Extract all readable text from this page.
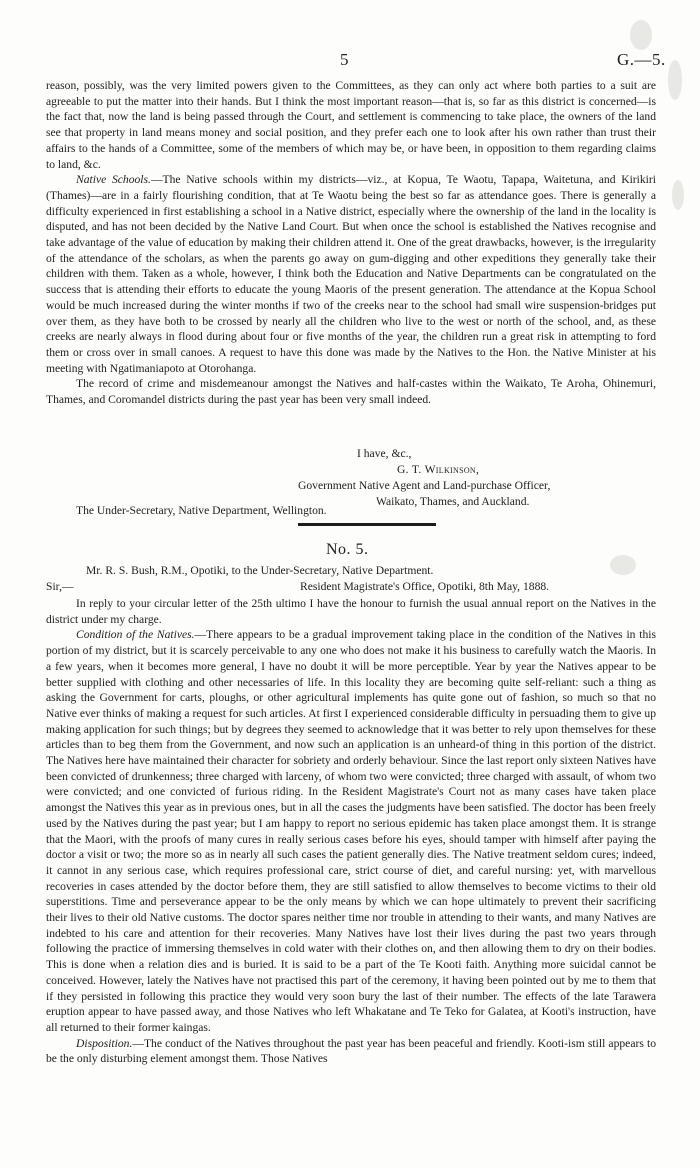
5	G.—5.

reason, possibly, was the very limited powers given to the Committees, as they can only act where both parties to a suit are agreeable to put the matter into their hands. But I think the most important reason—that is, so far as this district is concerned—is the fact that, now the land is being passed through the Court, and settlement is commencing to take place, the owners of the land see that property in land means money and social position, and they prefer each one to look after his own rather than trust their affairs to the hands of a Committee, some of the members of which may be, or have been, in opposition to them regarding claims to land, &c.

Native Schools.—The Native schools within my districts—viz., at Kopua, Te Waotu, Tapapa, Waitetuna, and Kirikiri (Thames)—are in a fairly flourishing condition, that at Te Waotu being the best so far as attendance goes. There is generally a difficulty experienced in first establishing a school in a Native district, especially where the ownership of the land in the locality is disputed, and has not been decided by the Native Land Court. But when once the school is established the Natives recognise and take advantage of the value of education by making their children attend it. One of the great drawbacks, however, is the irregularity of the attendance of the scholars, as when the parents go away on gum-digging and other expeditions they generally take their children with them. Taken as a whole, however, I think both the Education and Native Departments can be congratulated on the success that is attending their efforts to educate the young Maoris of the present generation. The attendance at the Kopua School would be much increased during the winter months if two of the creeks near to the school had small wire suspension-bridges put over them, as they have both to be crossed by nearly all the children who live to the west or north of the school, and, as these creeks are nearly always in flood during about four or five months of the year, the children run a great risk in attempting to ford them or cross over in small canoes. A request to have this done was made by the Natives to the Hon. the Native Minister at his meeting with Ngatimaniapoto at Otorohanga.

The record of crime and misdemeanour amongst the Natives and half-castes within the Waikato, Te Aroha, Ohinemuri, Thames, and Coromandel districts during the past year has been very small indeed.

I have, &c.,
G. T. Wilkinson,
Government Native Agent and Land-purchase Officer,
Waikato, Thames, and Auckland.
The Under-Secretary, Native Department, Wellington.
No. 5.
Mr. R. S. Bush, R.M., Opotiki, to the Under-Secretary, Native Department.
Sir,—	Resident Magistrate's Office, Opotiki, 8th May, 1888.

In reply to your circular letter of the 25th ultimo I have the honour to furnish the usual annual report on the Natives in the district under my charge.

Condition of the Natives.—There appears to be a gradual improvement taking place in the condition of the Natives in this portion of my district, but it is scarcely perceivable to any one who does not make it his business to carefully watch the Maoris. In a few years, when it becomes more general, I have no doubt it will be more perceptible. Year by year the Natives appear to be better supplied with clothing and other necessaries of life. In this locality they are becoming quite self-reliant: such a thing as asking the Government for carts, ploughs, or other agricultural implements has quite gone out of fashion, so much so that no Native ever thinks of making a request for such articles. At first I experienced considerable difficulty in persuading them to give up making application for such things; but by degrees they seemed to acknowledge that it was better to rely upon themselves for these articles than to beg them from the Government, and now such an application is an unheard-of thing in this portion of the district. The Natives here have maintained their character for sobriety and orderly behaviour. Since the last report only sixteen Natives have been convicted of drunkenness; three charged with larceny, of whom two were convicted; three charged with assault, of whom two were convicted; and one convicted of furious riding. In the Resident Magistrate's Court not as many cases have taken place amongst the Natives this year as in previous ones, but in all the cases the judgments have been satisfied. The doctor has been freely used by the Natives during the past year; but I am happy to report no serious epidemic has taken place amongst them. It is strange that the Maori, with the proofs of many cures in really serious cases before his eyes, should tamper with himself after paying the doctor a visit or two; the more so as in nearly all such cases the patient generally dies. The Native treatment seldom cures; indeed, it cannot in any serious case, which requires professional care, strict course of diet, and careful nursing: yet, with marvellous recoveries in cases attended by the doctor before them, they are still satisfied to allow themselves to become victims to their old superstitions. Time and perseverance appear to be the only means by which we can hope ultimately to prevent their sacrificing their lives to their old Native customs. The doctor spares neither time nor trouble in attending to their wants, and many Natives are indebted to his care and attention for their recoveries. Many Natives have lost their lives during the past two years through following the practice of immersing themselves in cold water with their clothes on, and then allowing them to dry on their bodies. This is done when a relation dies and is buried. It is said to be a part of the Te Kooti faith. Anything more suicidal cannot be conceived. However, lately the Natives have not practised this part of the ceremony, it having been pointed out by me to them that if they persisted in following this practice they would very soon bury the last of their number. The effects of the late Tarawera eruption appear to have passed away, and those Natives who left Whakatane and Te Teko for Galatea, at Kooti's instruction, have all returned to their former kaingas.

Disposition.—The conduct of the Natives throughout the past year has been peaceful and friendly. Kooti-ism still appears to be the only disturbing element amongst them. Those Natives
